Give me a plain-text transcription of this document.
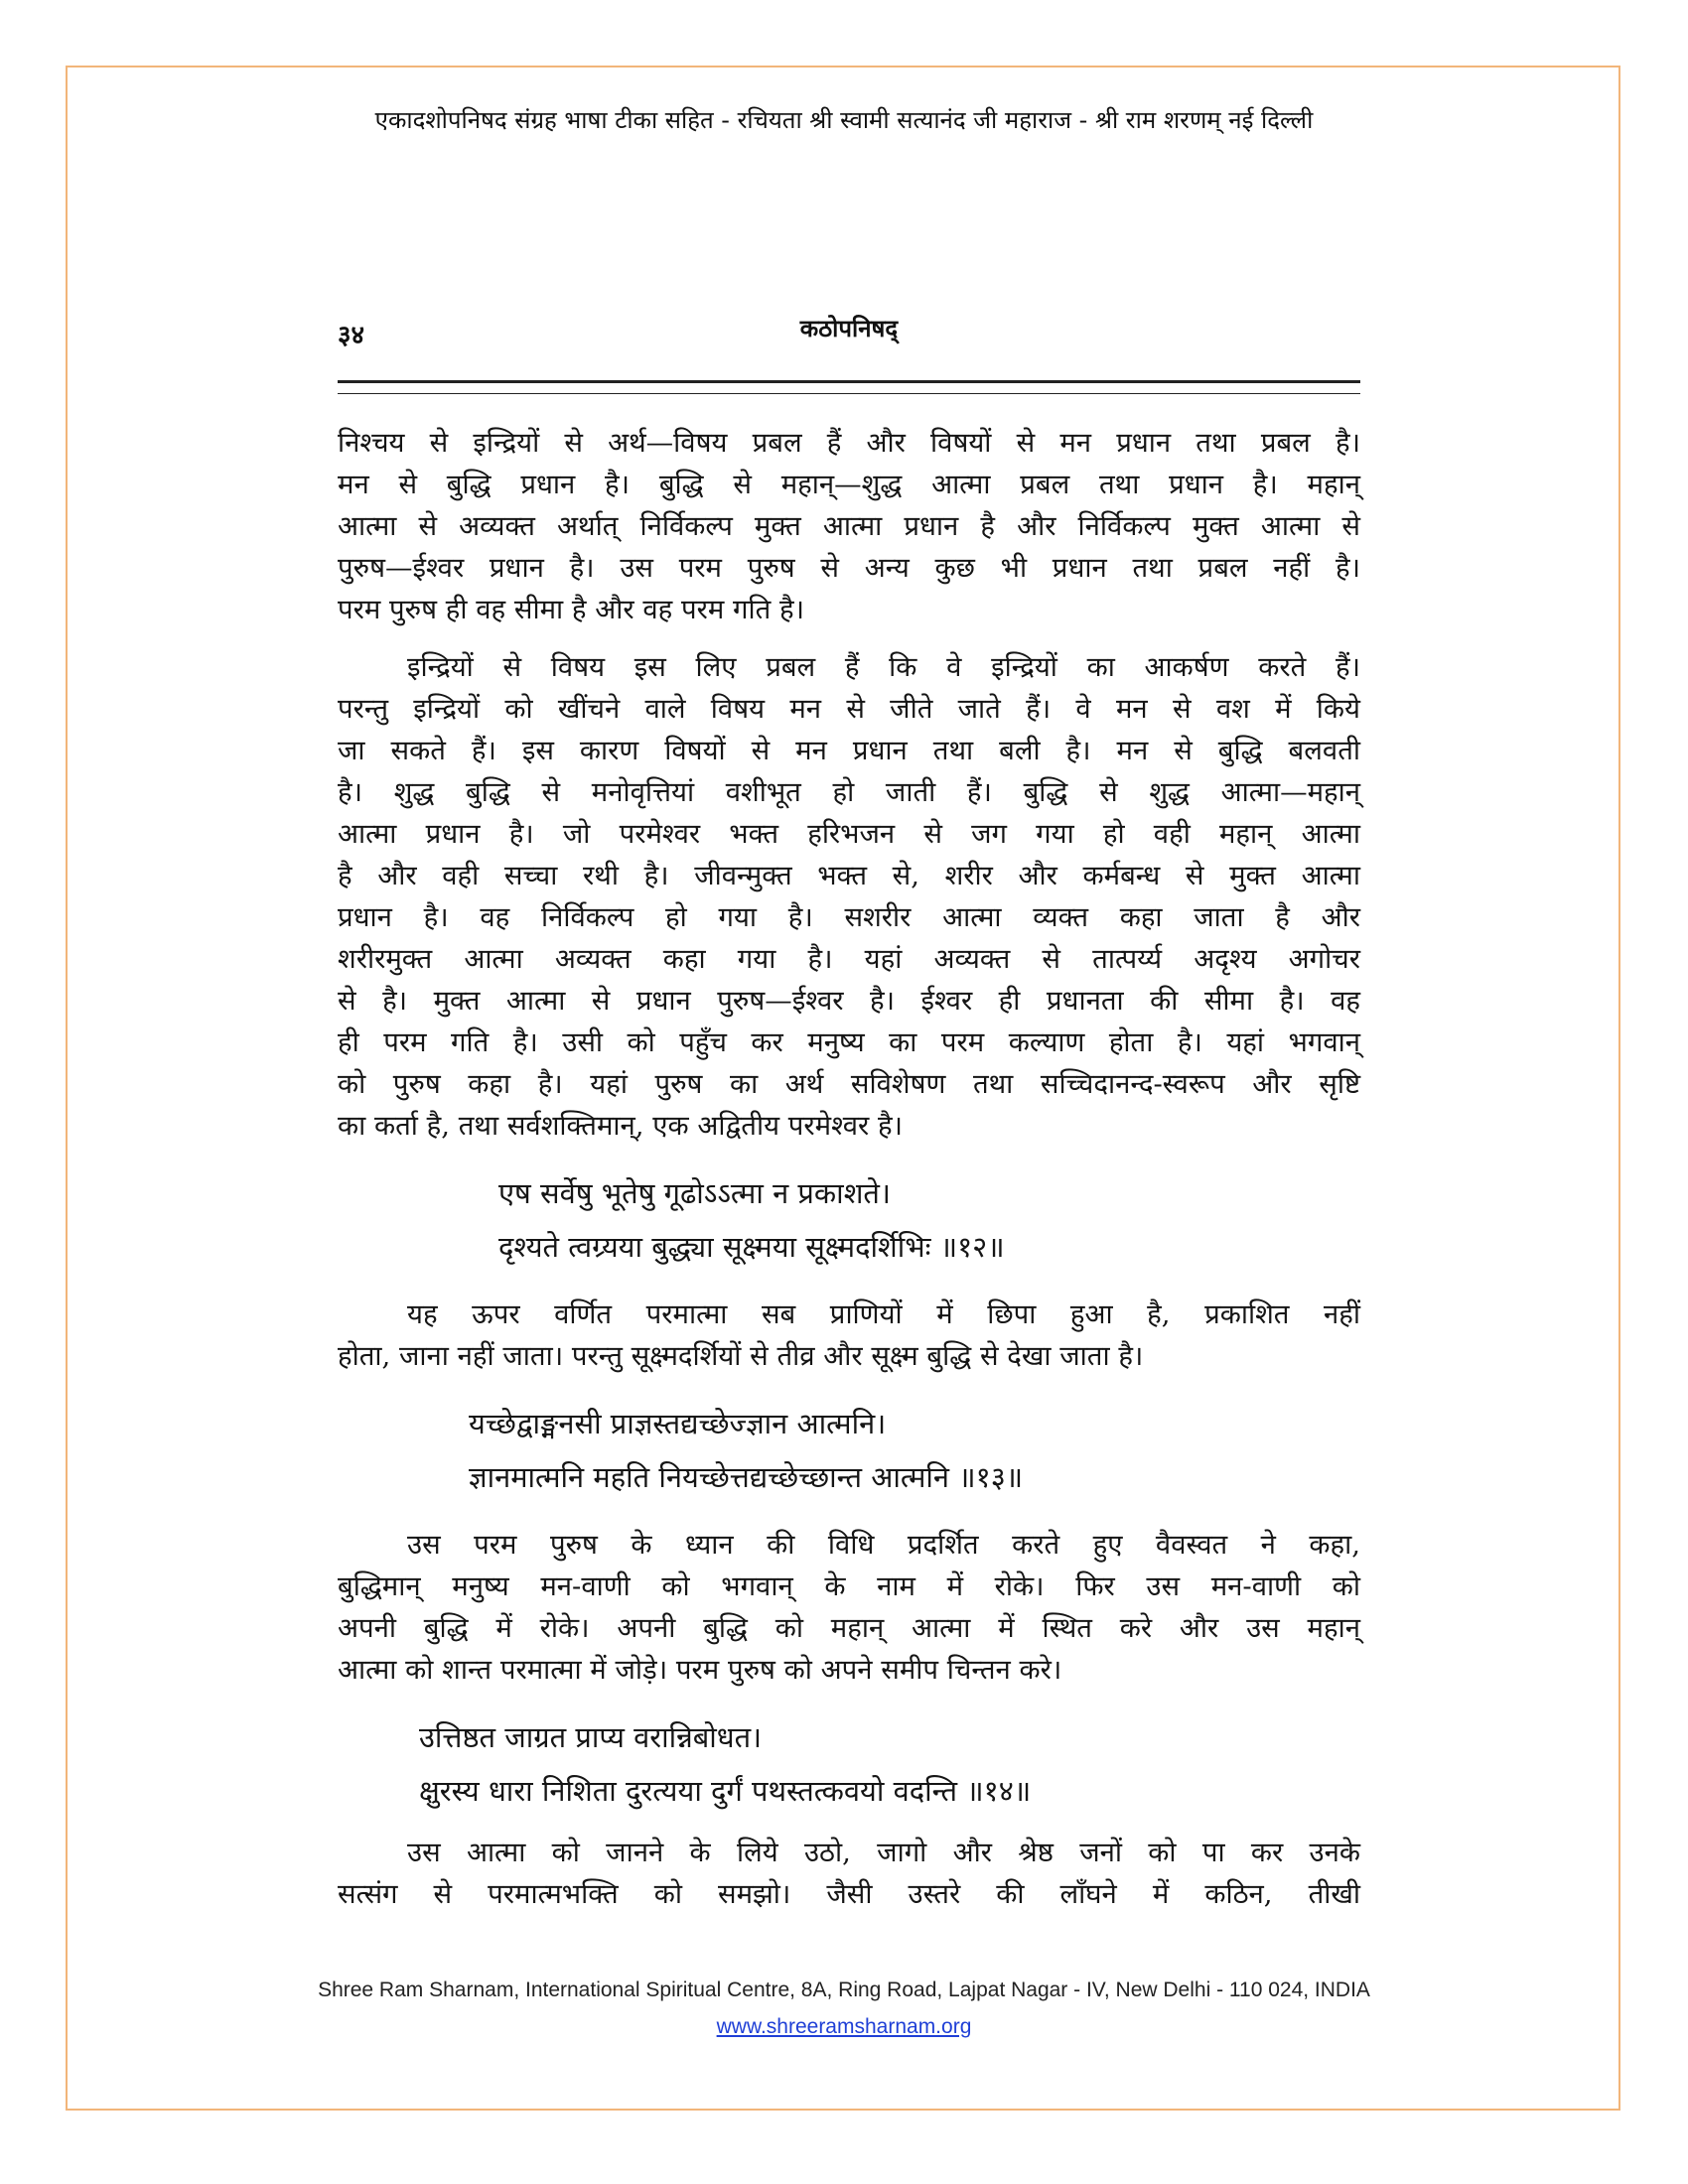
एकादशोपनिषद संग्रह भाषा टीका सहित - रचियता श्री स्वामी सत्यानंद जी महाराज - श्री राम शरणम् नई दिल्ली
३४	कठोपनिषद्
निश्चय से इन्द्रियों से अर्थ—विषय प्रबल हैं और विषयों से मन प्रधान तथा प्रबल है।
मन से बुद्धि प्रधान है। बुद्धि से महान्—शुद्ध आत्मा प्रबल तथा प्रधान है। महान्
आत्मा से अव्यक्त अर्थात् निर्विकल्प मुक्त आत्मा प्रधान है और निर्विकल्प मुक्त आत्मा से
पुरुष—ईश्वर प्रधान है। उस परम पुरुष से अन्य कुछ भी प्रधान तथा प्रबल नहीं है।
परम पुरुष ही वह सीमा है और वह परम गति है।
इन्द्रियों से विषय इस लिए प्रबल हैं कि वे इन्द्रियों का आकर्षण करते हैं।
परन्तु इन्द्रियों को खींचने वाले विषय मन से जीते जाते हैं। वे मन से वश में किये
जा सकते हैं। इस कारण विषयों से मन प्रधान तथा बली है। मन से बुद्धि बलवती
है। शुद्ध बुद्धि से मनोवृत्तियां वशीभूत हो जाती हैं। बुद्धि से शुद्ध आत्मा—महान्
आत्मा प्रधान है। जो परमेश्वर भक्त हरिभजन से जग गया हो वही महान् आत्मा
है और वही सच्चा रथी है। जीवन्मुक्त भक्त से, शरीर और कर्मबन्ध से मुक्त आत्मा
प्रधान है। वह निर्विकल्प हो गया है। सशरीर आत्मा व्यक्त कहा जाता है और
शरीरमुक्त आत्मा अव्यक्त कहा गया है। यहां अव्यक्त से तात्पर्य्य अदृश्य अगोचर
से है। मुक्त आत्मा से प्रधान पुरुष—ईश्वर है। ईश्वर ही प्रधानता की सीमा है। वह
ही परम गति है। उसी को पहुँच कर मनुष्य का परम कल्याण होता है। यहां भगवान्
को पुरुष कहा है। यहां पुरुष का अर्थ सविशेषण तथा सच्चिदानन्द-स्वरूप और सृष्टि
का कर्ता है, तथा सर्वशक्तिमान्, एक अद्वितीय परमेश्वर है।
एष सर्वेषु भूतेषु गूढोऽऽत्मा न प्रकाशते।
दृश्यते त्वग्र्यया बुद्ध्या सूक्ष्मया सूक्ष्मदर्शिभिः ॥१२॥
यह ऊपर वर्णित परमात्मा सब प्राणियों में छिपा हुआ है, प्रकाशित नहीं
होता, जाना नहीं जाता। परन्तु सूक्ष्मदर्शियों से तीव्र और सूक्ष्म बुद्धि से देखा जाता है।
यच्छेद्वाङ्मनसी प्राज्ञस्तद्यच्छेज्ज्ञान आत्मनि।
ज्ञानमात्मनि महति नियच्छेत्तद्यच्छेच्छान्त आत्मनि ॥१३॥
उस परम पुरुष के ध्यान की विधि प्रदर्शित करते हुए वैवस्वत ने कहा,
बुद्धिमान् मनुष्य मन-वाणी को भगवान् के नाम में रोके। फिर उस मन-वाणी को
अपनी बुद्धि में रोके। अपनी बुद्धि को महान् आत्मा में स्थित करे और उस महान्
आत्मा को शान्त परमात्मा में जोड़े। परम पुरुष को अपने समीप चिन्तन करे।
उत्तिष्ठत जाग्रत प्राप्य वरान्निबोधत।
क्षुरस्य धारा निशिता दुरत्यया दुर्गं पथस्तत्कवयो वदन्ति ॥१४॥
उस आत्मा को जानने के लिये उठो, जागो और श्रेष्ठ जनों को पा कर उनके
सत्संग से परमात्मभक्ति को समझो। जैसी उस्तरे की लाँघने में कठिन, तीखी
Shree Ram Sharnam, International Spiritual Centre, 8A, Ring Road, Lajpat Nagar - IV, New Delhi - 110 024, INDIA
www.shreeramsharnam.org
